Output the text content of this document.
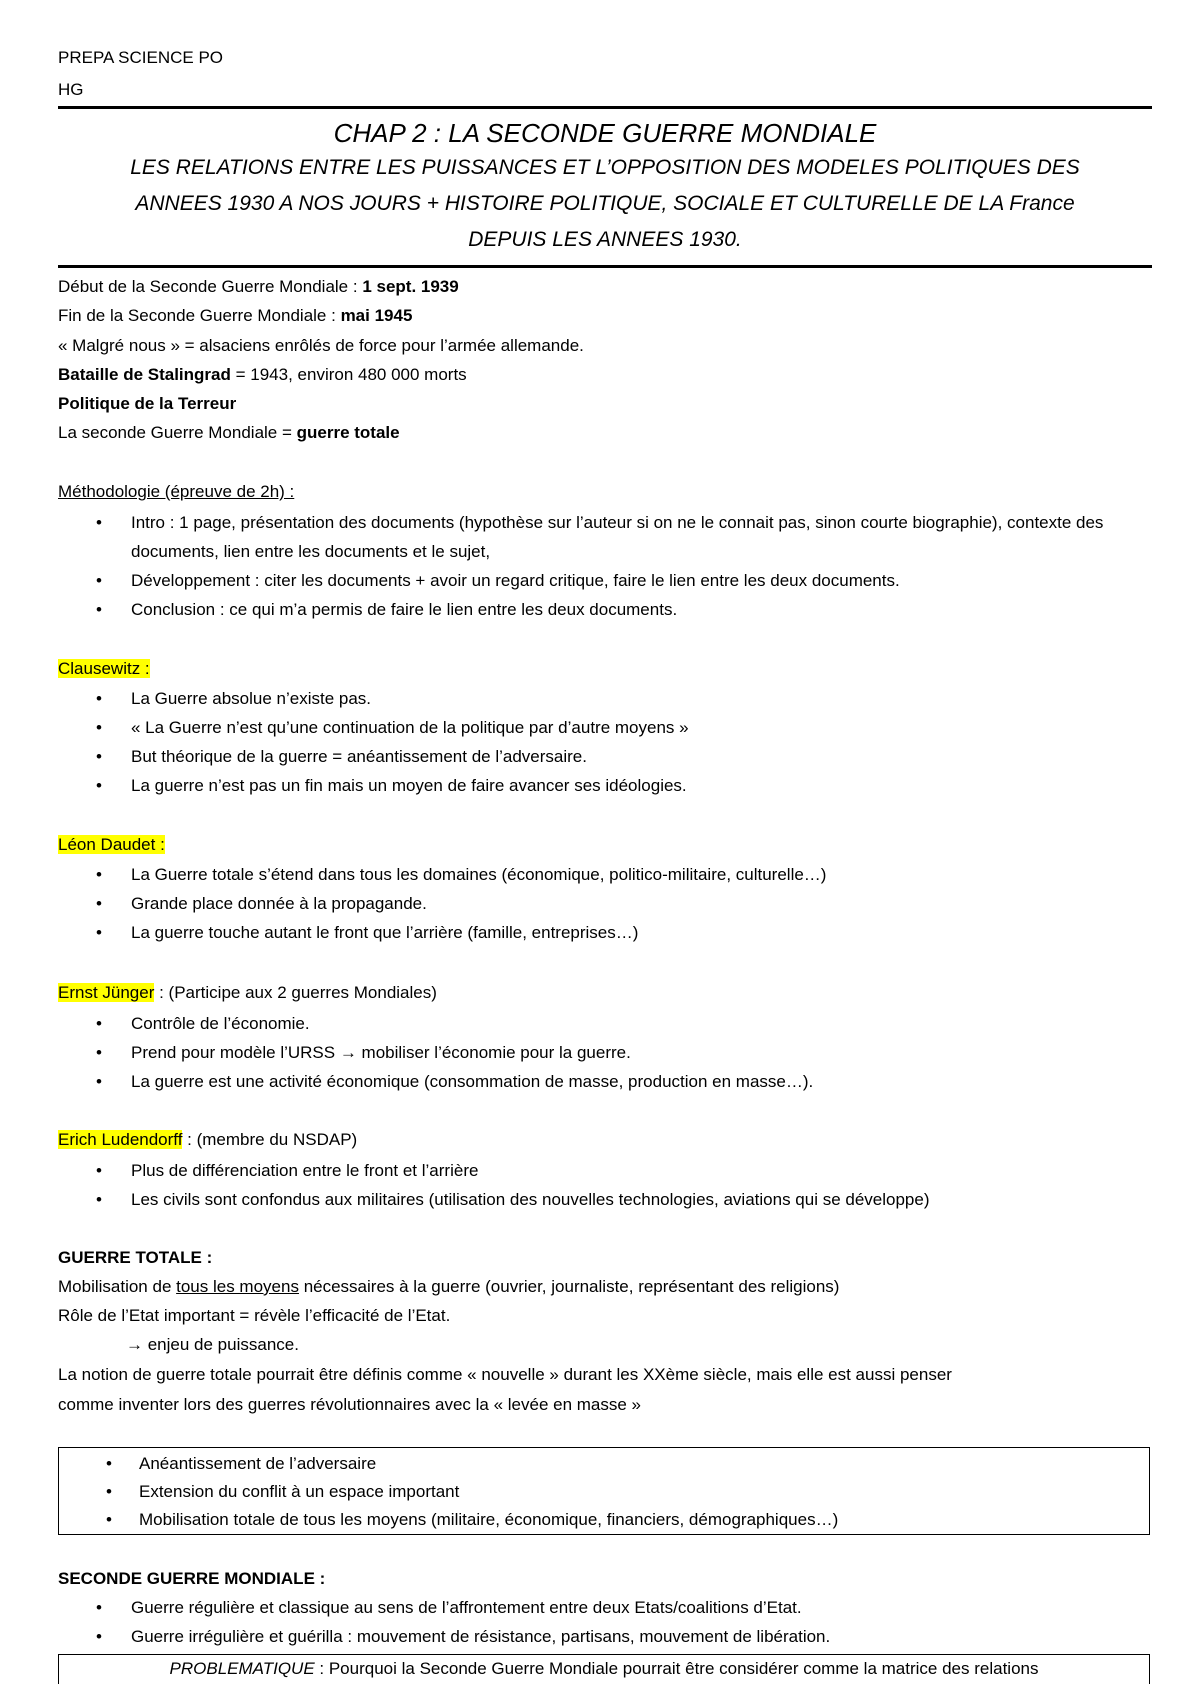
PREPA SCIENCE PO
HG
CHAP 2 : LA SECONDE GUERRE MONDIALE
LES RELATIONS ENTRE LES PUISSANCES ET L’OPPOSITION DES MODELES POLITIQUES DES
ANNEES 1930 A NOS JOURS + HISTOIRE POLITIQUE, SOCIALE ET CULTURELLE DE LA France
DEPUIS LES ANNEES 1930.
Début de la Seconde Guerre Mondiale : 1 sept. 1939
Fin de la Seconde Guerre Mondiale : mai 1945
« Malgré nous » = alsaciens enrôlés de force pour l’armée allemande.
Bataille de Stalingrad = 1943, environ 480 000 morts
Politique de la Terreur
La seconde Guerre Mondiale = guerre totale
Méthodologie (épreuve de 2h) :
• Intro : 1 page, présentation des documents (hypothèse sur l’auteur si on ne le connait pas, sinon courte biographie), contexte des documents, lien entre les documents et le sujet,
• Développement : citer les documents + avoir un regard critique, faire le lien entre les deux documents.
• Conclusion : ce qui m’a permis de faire le lien entre les deux documents.
Clausewitz :
• La Guerre absolue n’existe pas.
• « La Guerre n’est qu’une continuation de la politique par d’autre moyens »
• But théorique de la guerre = anéantissement de l’adversaire.
• La guerre n’est pas un fin mais un moyen de faire avancer ses idéologies.
Léon Daudet :
• La Guerre totale s’étend dans tous les domaines (économique, politico-militaire, culturelle…)
• Grande place donnée à la propagande.
• La guerre touche autant le front que l’arrière (famille, entreprises…)
Ernst Jünger : (Participe aux 2 guerres Mondiales)
• Contrôle de l’économie.
• Prend pour modèle l’URSS → mobiliser l’économie pour la guerre.
• La guerre est une activité économique (consommation de masse, production en masse…).
Erich Ludendorff : (membre du NSDAP)
• Plus de différenciation entre le front et l’arrière
• Les civils sont confondus aux militaires (utilisation des nouvelles technologies, aviations qui se développe)
GUERRE TOTALE :
Mobilisation de tous les moyens nécessaires à la guerre (ouvrier, journaliste, représentant des religions)
Rôle de l’Etat important = révèle l’efficacité de l’Etat.
→ enjeu de puissance.
La notion de guerre totale pourrait être définis comme « nouvelle » durant les XXème siècle, mais elle est aussi penser
comme inventer lors des guerres révolutionnaires avec la « levée en masse »
• Anéantissement de l’adversaire
• Extension du conflit à un espace important
• Mobilisation totale de tous les moyens (militaire, économique, financiers, démographiques…)
SECONDE GUERRE MONDIALE :
• Guerre régulière et classique au sens de l’affrontement entre deux Etats/coalitions d’Etat.
• Guerre irrégulière et guérilla : mouvement de résistance, partisans, mouvement de libération.
PROBLEMATIQUE : Pourquoi la Seconde Guerre Mondiale pourrait être considérer comme la matrice des relations
